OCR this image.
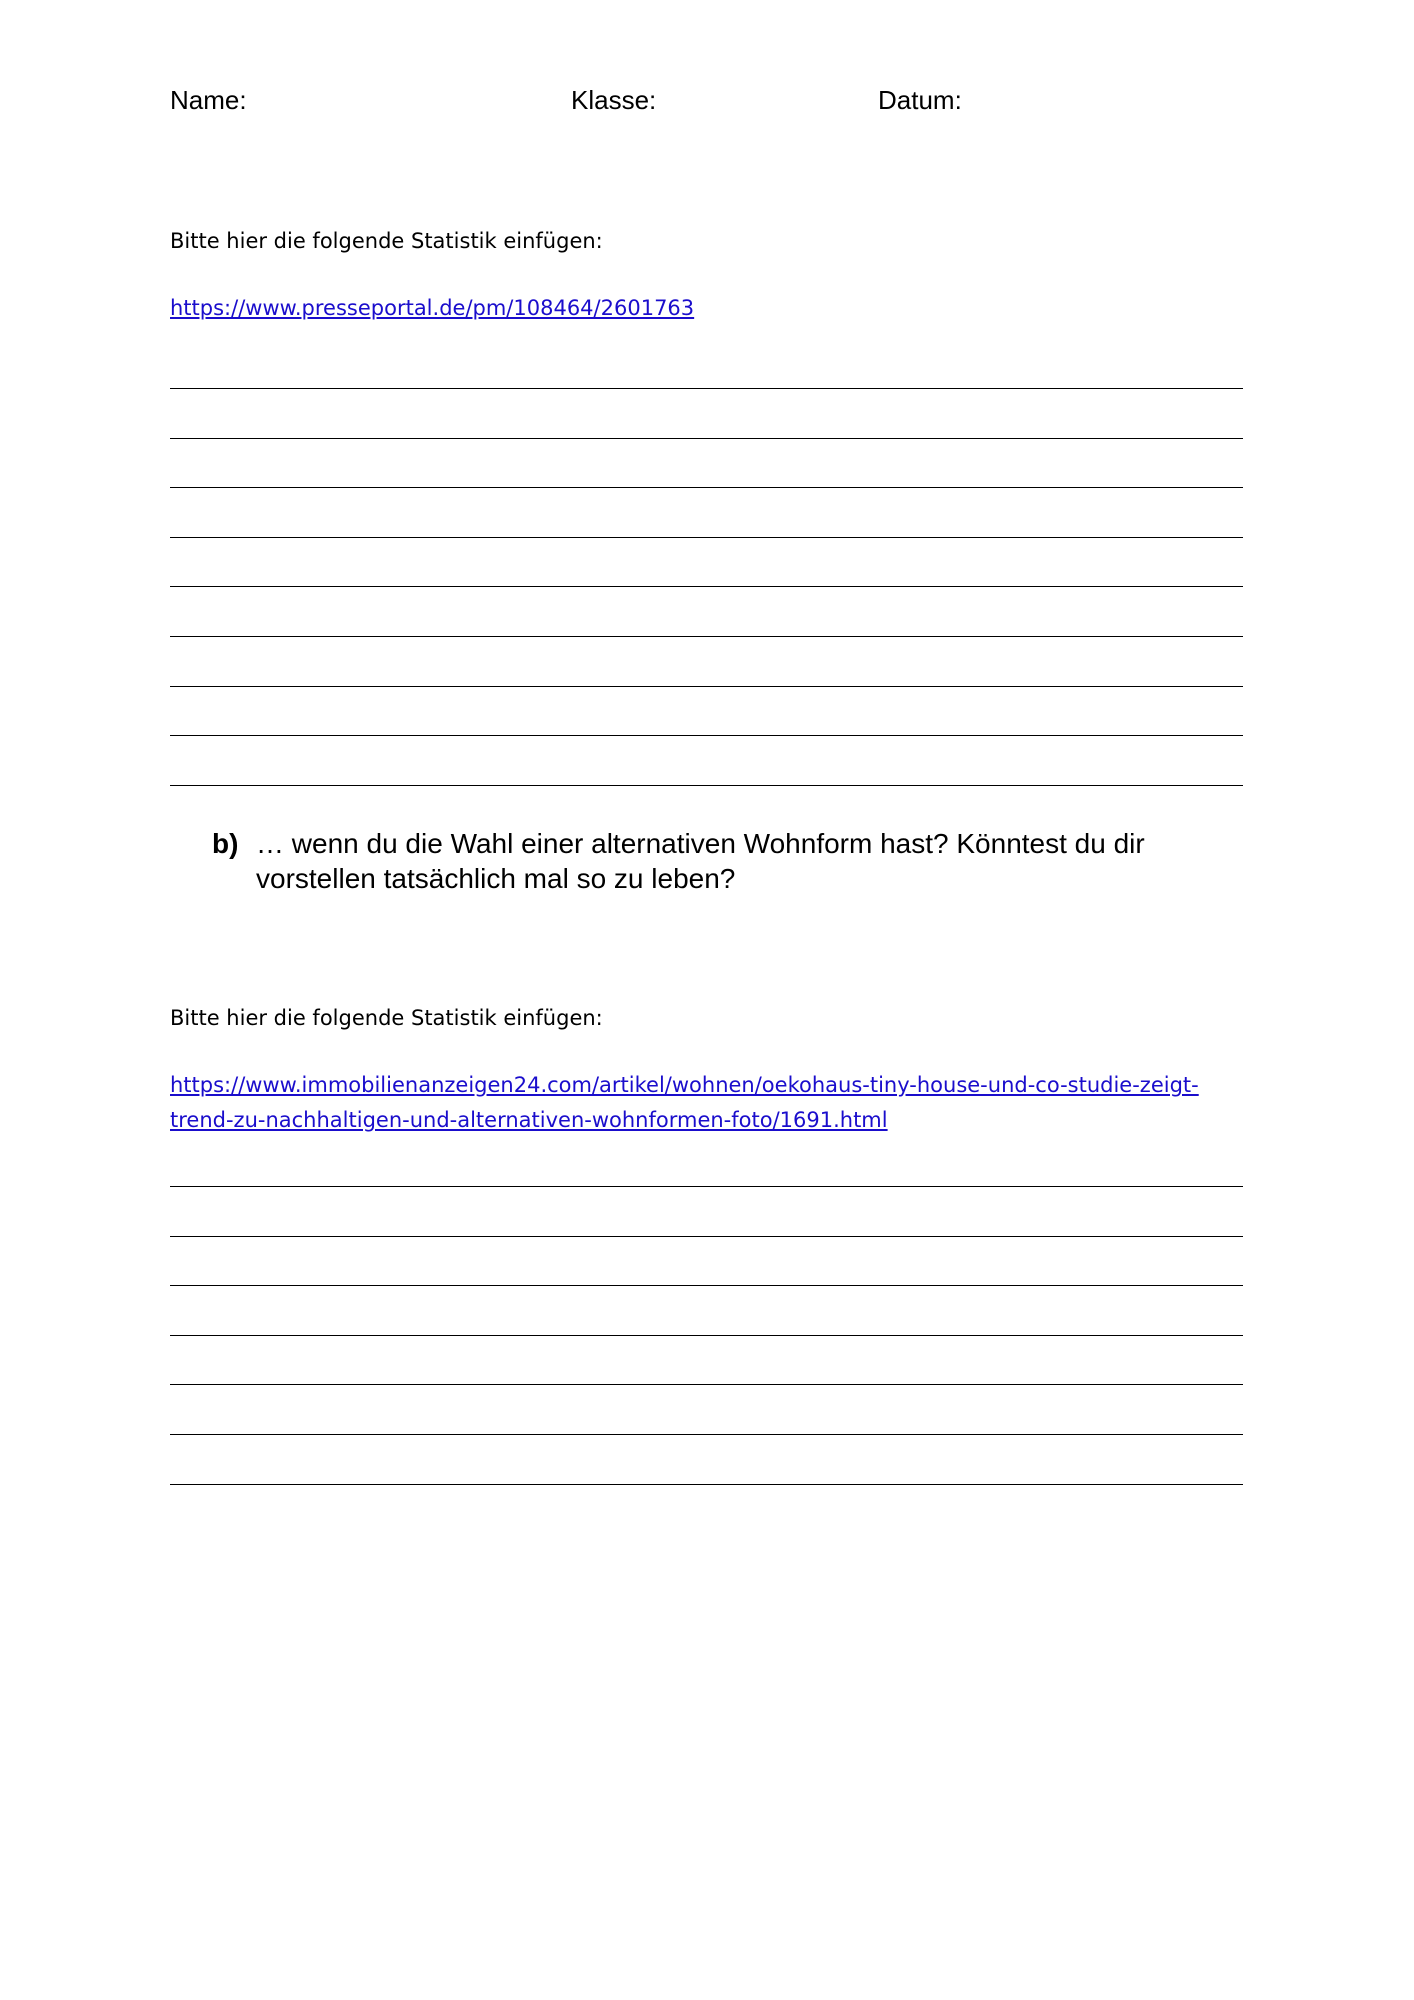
Name:	Klasse:	Datum:
Bitte hier die folgende Statistik einfügen:
https://www.presseportal.de/pm/108464/2601763
b) … wenn du die Wahl einer alternativen Wohnform hast? Könntest du dir vorstellen tatsächlich mal so zu leben?
Bitte hier die folgende Statistik einfügen:
https://www.immobilienanzeigen24.com/artikel/wohnen/oekohaus-tiny-house-und-co-studie-zeigt-trend-zu-nachhaltigen-und-alternativen-wohnformen-foto/1691.html
